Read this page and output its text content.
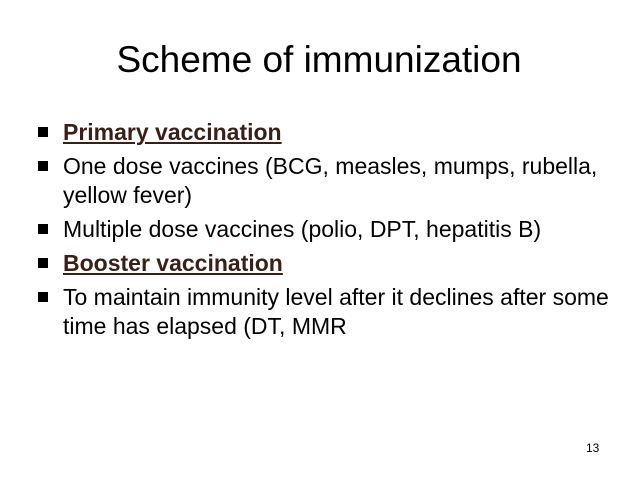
Scheme of immunization
Primary vaccination
One dose vaccines (BCG, measles, mumps, rubella, yellow fever)
Multiple dose vaccines (polio, DPT, hepatitis B)
Booster vaccination
To maintain immunity level after it declines after some time has elapsed (DT, MMR
13
